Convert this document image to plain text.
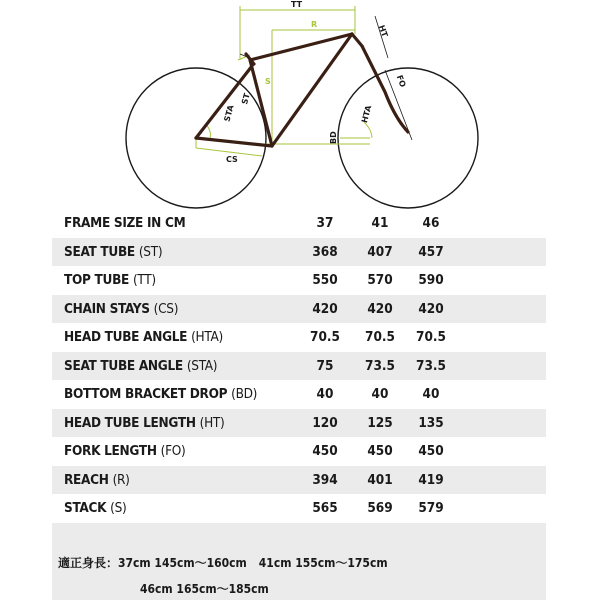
TT
R
S
HT
FO
STA
ST
HTA
CS
BD
FRAME SIZE IN CM	37	41	46
SEAT TUBE (ST)	368	407	457
TOP TUBE (TT)	550	570	590
CHAIN STAYS (CS)	420	420	420
HEAD TUBE ANGLE (HTA)	70.5	70.5	70.5
SEAT TUBE ANGLE (STA)	75	73.5	73.5
BOTTOM BRACKET DROP (BD)	40	40	40
HEAD TUBE LENGTH (HT)	120	125	135
FORK LENGTH (FO)	450	450	450
REACH (R)	394	401	419
STACK (S)	565	569	579
適正身長：37cm 145cm〜160cm　41cm 155cm〜175cm
46cm 165cm〜185cm
